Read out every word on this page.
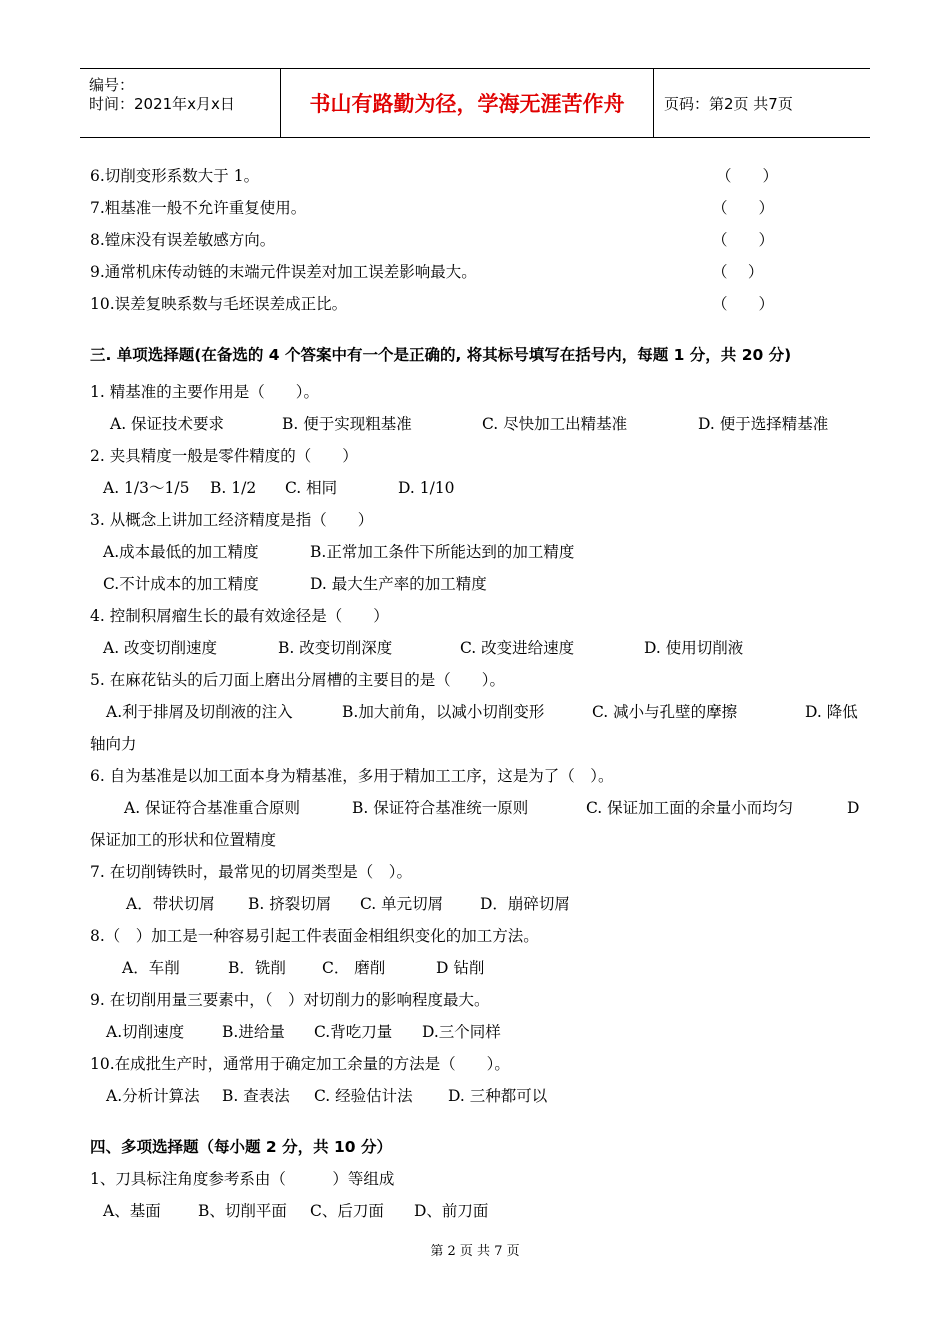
编号：
时间：2021年x月x日	书山有路勤为径，学海无涯苦作舟	页码：第2页 共7页
6.切削变形系数大于 1。	（　　）
7.粗基准一般不允许重复使用。	（　　）
8.镗床没有误差敏感方向。	（　　）
9.通常机床传动链的末端元件误差对加工误差影响最大。	（　 ）
10.误差复映系数与毛坯误差成正比。	（　　）
三. 单项选择题(在备选的 4 个答案中有一个是正确的, 将其标号填写在括号内，每题 1 分，共 20 分)
1. 精基准的主要作用是（　　）。
A. 保证技术要求	B. 便于实现粗基准	C. 尽快加工出精基准	D. 便于选择精基准
2. 夹具精度一般是零件精度的（　　）
A. 1/3～1/5 B. 1/2 C. 相同	D. 1/10
3. 从概念上讲加工经济精度是指（　　）
A.成本最低的加工精度	B.正常加工条件下所能达到的加工精度
C.不计成本的加工精度	D. 最大生产率的加工精度
4. 控制积屑瘤生长的最有效途径是（　　）
A. 改变切削速度	B. 改变切削深度	C. 改变进给速度	D. 使用切削液
5. 在麻花钻头的后刀面上磨出分屑槽的主要目的是（　　）。
A.利于排屑及切削液的注入	B.加大前角，以减小切削变形	C. 减小与孔壁的摩擦	D. 降低
轴向力
6. 自为基准是以加工面本身为精基准，多用于精加工工序，这是为了（　）。
A. 保证符合基准重合原则	B. 保证符合基准统一原则	C. 保证加工面的余量小而均匀	D
保证加工的形状和位置精度
7. 在切削铸铁时，最常见的切屑类型是（　）。
A．带状切屑 B. 挤裂切屑 C. 单元切屑 D．崩碎切屑
8.（　）加工是一种容易引起工件表面金相组织变化的加工方法。
A．车削	B．铣削 C． 磨削	D 钻削
9. 在切削用量三要素中，（　）对切削力的影响程度最大。
A.切削速度 B.进给量 C.背吃刀量 D.三个同样
10.在成批生产时，通常用于确定加工余量的方法是（　　）。
A.分析计算法 B. 查表法 C. 经验估计法 D. 三种都可以
四、多项选择题（每小题 2 分，共 10 分）
1、刀具标注角度参考系由（　　　）等组成
A、基面 B、切削平面 C、后刀面 D、前刀面
第 2 页 共 7 页
